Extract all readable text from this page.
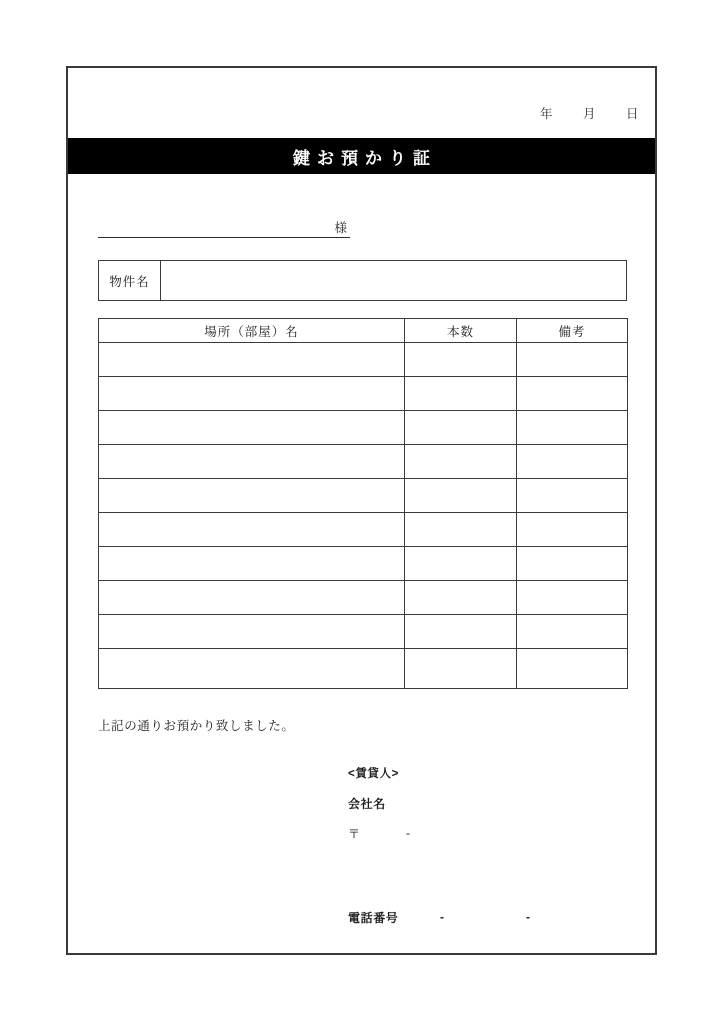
年 月 日
鍵お預かり証
様
物件名
場所（部屋）名	本数	備考

上記の通りお預かり致しました。
<賃貸人>
会社名
〒	-
電話番号	-	-
